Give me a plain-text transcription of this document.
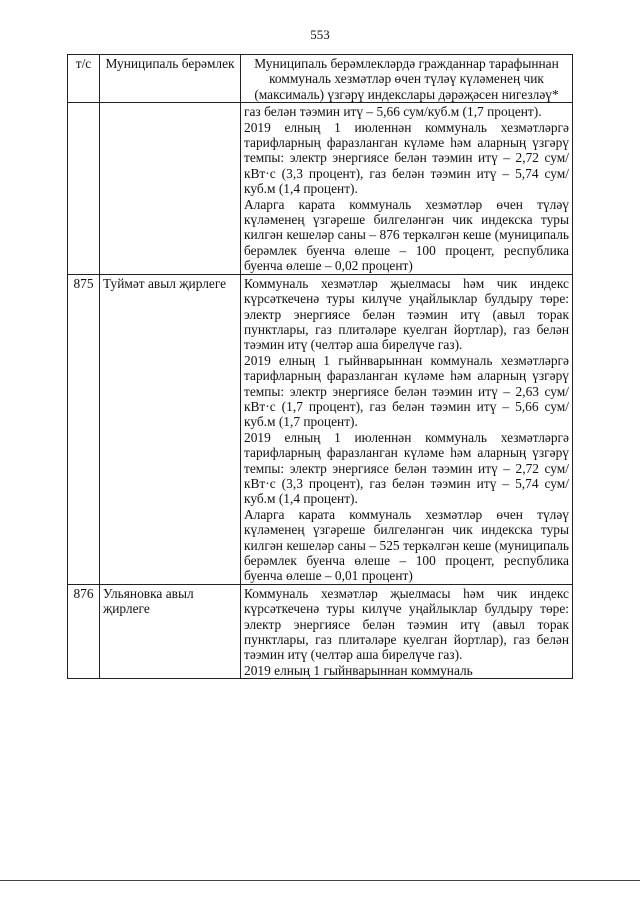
553
т/с	Муниципаль берәмлек	Муниципаль берәмлекләрдә гражданнар тарафыннан коммуналь хезмәтләр өчен түләү күләменең чик (максималь) үзгәрү индекслары дәрәҗәсен нигезләү*

		газ белән тәэмин итү – 5,66 сум/куб.м (1,7 процент).
2019 елның 1 июленнән коммуналь хезмәтләргә тарифларның фаразланган күләме һәм аларның үзгәрү темпы: электр энергиясе белән тәэмин итү – 2,72 сум/кВт·с (3,3 процент), газ белән тәэмин итү – 5,74 сум/куб.м (1,4 процент).
Аларга карата коммуналь хезмәтләр өчен түләү күләменең үзгәреше билгеләнгән чик индекска туры килгән кешеләр саны – 876 теркәлгән кеше (муниципаль берәмлек буенча өлеше – 100 процент, республика буенча өлеше – 0,02 процент)

875	Туймәт авыл җирлеге	Коммуналь хезмәтләр җыелмасы һәм чик индекс күрсәткеченә туры килүче уңайлыклар булдыру төре: электр энергиясе белән тәэмин итү (авыл торак пунктлары, газ плитәләре куелган йортлар), газ белән тәэмин итү (челтәр аша бирелүче газ).
2019 елның 1 гыйнварыннан коммуналь хезмәтләргә тарифларның фаразланган күләме һәм аларның үзгәрү темпы: электр энергиясе белән тәэмин итү – 2,63 сум/кВт·с (1,7 процент), газ белән тәэмин итү – 5,66 сум/куб.м (1,7 процент).
2019 елның 1 июленнән коммуналь хезмәтләргә тарифларның фаразланган күләме һәм аларның үзгәрү темпы: электр энергиясе белән тәэмин итү – 2,72 сум/кВт·с (3,3 процент), газ белән тәэмин итү – 5,74 сум/куб.м (1,4 процент).
Аларга карата коммуналь хезмәтләр өчен түләү күләменең үзгәреше билгеләнгән чик индекска туры килгән кешеләр саны – 525 теркәлгән кеше (муниципаль берәмлек буенча өлеше – 100 процент, республика буенча өлеше – 0,01 процент)

876	Ульяновка авыл җирлеге	Коммуналь хезмәтләр җыелмасы һәм чик индекс күрсәткеченә туры килүче уңайлыклар булдыру төре: электр энергиясе белән тәэмин итү (авыл торак пунктлары, газ плитәләре куелган йортлар), газ белән тәэмин итү (челтәр аша бирелүче газ).
2019 елның 1 гыйнварыннан коммуналь
